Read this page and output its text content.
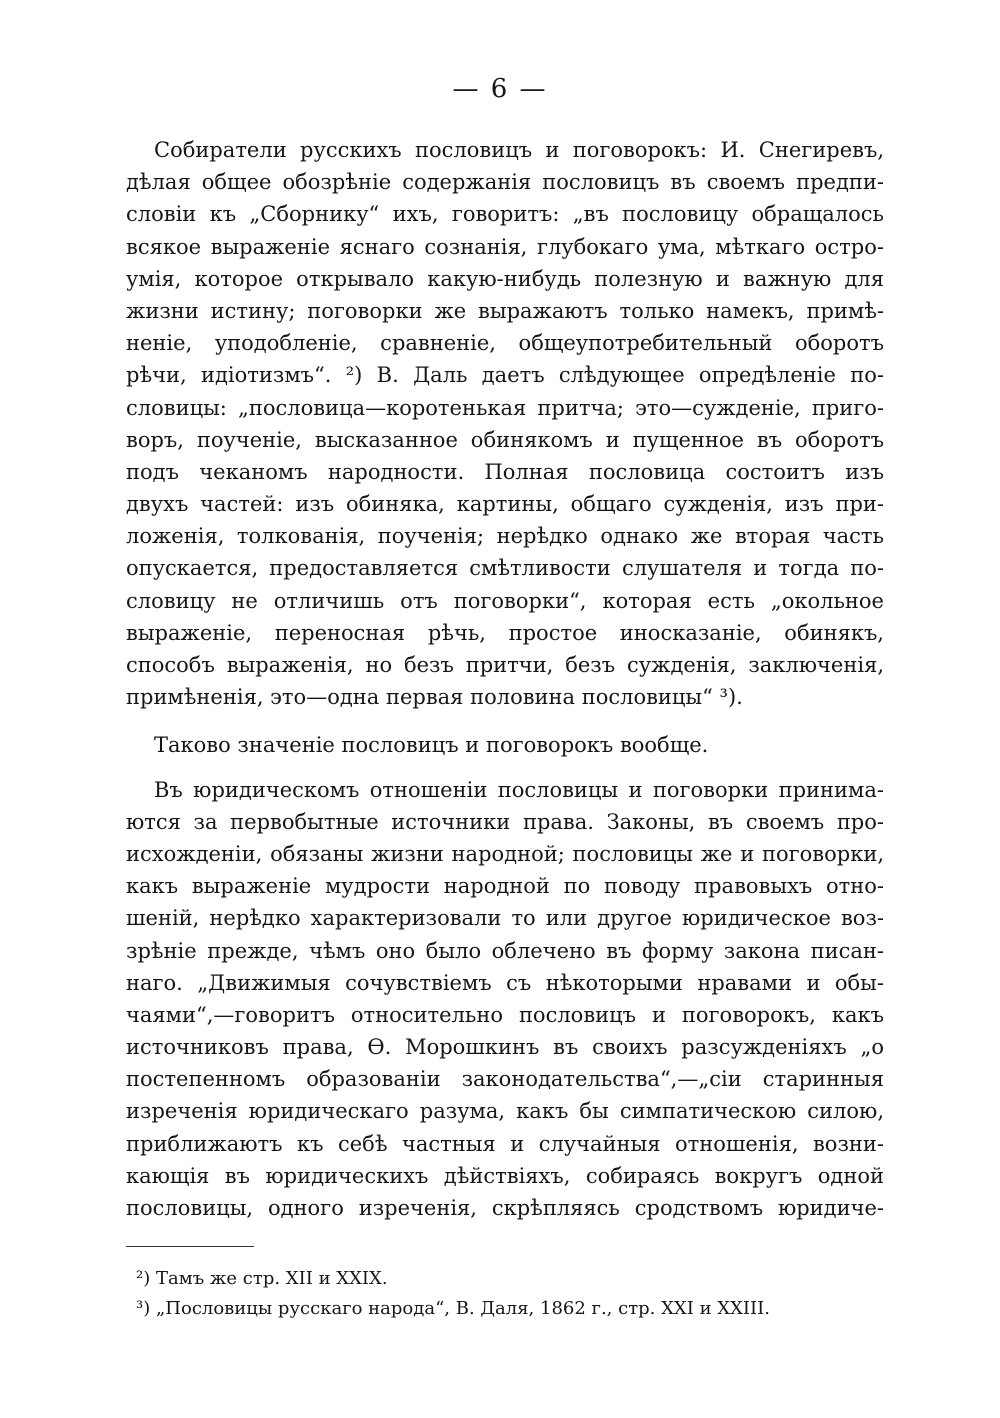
— 6 —

Собиратели русскихъ пословицъ и поговорокъ: И. Снегиревъ,
дѣлая общее обозрѣніе содержанія пословицъ въ своемъ предпи-
словіи къ „Сборнику“ ихъ, говоритъ: „въ пословицу обращалось
всякое выраженіе яснаго сознанія, глубокаго ума, мѣткаго остро-
умія, которое открывало какую-нибудь полезную и важную для
жизни истину; поговорки же выражаютъ только намекъ, примѣ-
неніе, уподобленіе, сравненіе, общеупотребительный оборотъ
рѣчи, идіотизмъ“. ²) В. Даль даетъ слѣдующее опредѣленіе по-
словицы: „пословица—коротенькая притча; это—сужденіе, приго-
воръ, поученіе, высказанное обинякомъ и пущенное въ оборотъ
подъ чеканомъ народности. Полная пословица состоитъ изъ
двухъ частей: изъ обиняка, картины, общаго сужденія, изъ при-
ложенія, толкованія, поученія; нерѣдко однако же вторая часть
опускается, предоставляется смѣтливости слушателя и тогда по-
словицу не отличишь отъ поговорки“, которая есть „окольное
выраженіе, переносная рѣчь, простое иносказаніе, обинякъ,
способъ выраженія, но безъ притчи, безъ сужденія, заключенія,
примѣненія, это—одна первая половина пословицы“ ³).

Таково значеніе пословицъ и поговорокъ вообще.

Въ юридическомъ отношеніи пословицы и поговорки принима-
ются за первобытные источники права. Законы, въ своемъ про-
исхожденіи, обязаны жизни народной; пословицы же и поговорки,
какъ выраженіе мудрости народной по поводу правовыхъ отно-
шеній, нерѣдко характеризовали то или другое юридическое воз-
зрѣніе прежде, чѣмъ оно было облечено въ форму закона писан-
наго. „Движимыя сочувствіемъ съ нѣкоторыми нравами и обы-
чаями“,—говоритъ относительно пословицъ и поговорокъ, какъ
источниковъ права, Ѳ. Морошкинъ въ своихъ разсужденіяхъ „о
постепенномъ образованіи законодательства“,—„сіи старинныя
изреченія юридическаго разума, какъ бы симпатическою силою,
приближаютъ къ себѣ частныя и случайныя отношенія, возни-
кающія въ юридическихъ дѣйствіяхъ, собираясь вокругъ одной
пословицы, одного изреченія, скрѣпляясь сродствомъ юридиче-

²) Тамъ же стр. XII и XXIX.
³) „Пословицы русскаго народа“, В. Даля, 1862 г., стр. XXI и XXIII.
